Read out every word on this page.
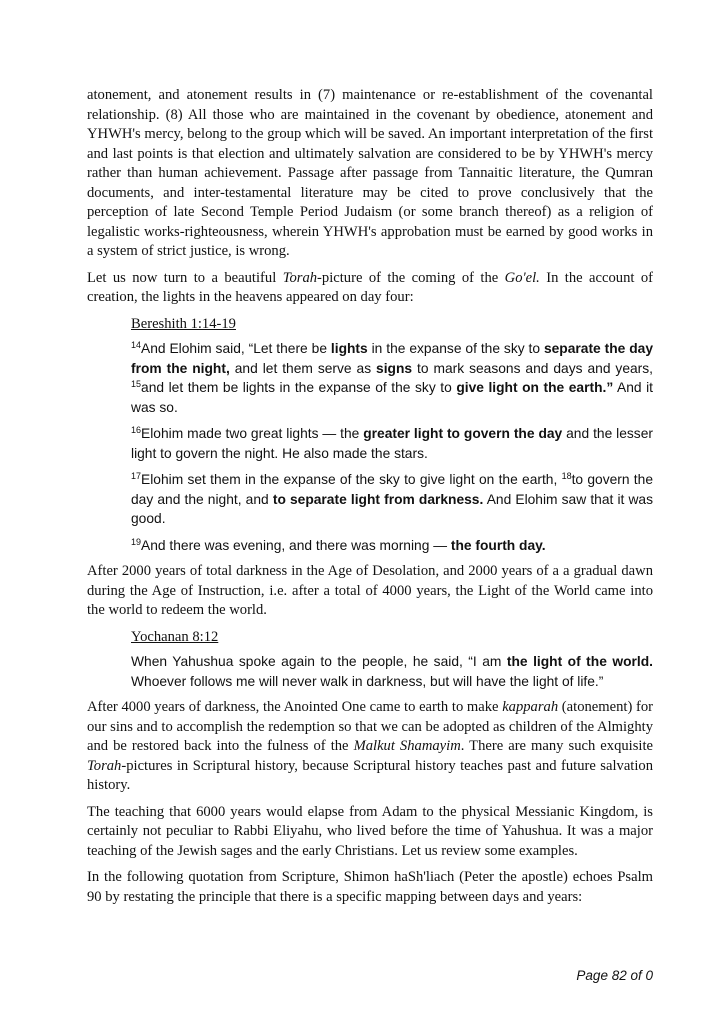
atonement, and atonement results in (7) maintenance or re-establishment of the covenantal relationship. (8) All those who are maintained in the covenant by obedience, atonement and YHWH's mercy, belong to the group which will be saved. An important interpretation of the first and last points is that election and ultimately salvation are considered to be by YHWH's mercy rather than human achievement. Passage after passage from Tannaitic literature, the Qumran documents, and inter-testamental literature may be cited to prove conclusively that the perception of late Second Temple Period Judaism (or some branch thereof) as a religion of legalistic works-righteousness, wherein YHWH's approbation must be earned by good works in a system of strict justice, is wrong.

Let us now turn to a beautiful Torah-picture of the coming of the Go'el. In the account of creation, the lights in the heavens appeared on day four:

Bereshith 1:14-19
$^{14}$And Elohim said, “Let there be lights in the expanse of the sky to separate the day from the night, and let them serve as signs to mark seasons and days and years, $^{15}$and let them be lights in the expanse of the sky to give light on the earth.” And it was so.
$^{16}$Elohim made two great lights — the greater light to govern the day and the lesser light to govern the night. He also made the stars.
$^{17}$Elohim set them in the expanse of the sky to give light on the earth, $^{18}$to govern the day and the night, and to separate light from darkness. And Elohim saw that it was good.
$^{19}$And there was evening, and there was morning — the fourth day.

After 2000 years of total darkness in the Age of Desolation, and 2000 years of a a gradual dawn during the Age of Instruction, i.e. after a total of 4000 years, the Light of the World came into the world to redeem the world.

Yochanan 8:12
When Yahushua spoke again to the people, he said, “I am the light of the world. Whoever follows me will never walk in darkness, but will have the light of life.”

After 4000 years of darkness, the Anointed One came to earth to make kapparah (atonement) for our sins and to accomplish the redemption so that we can be adopted as children of the Almighty and be restored back into the fulness of the Malkut Shamayim. There are many such exquisite Torah-pictures in Scriptural history, because Scriptural history teaches past and future salvation history.

The teaching that 6000 years would elapse from Adam to the physical Messianic Kingdom, is certainly not peculiar to Rabbi Eliyahu, who lived before the time of Yahushua. It was a major teaching of the Jewish sages and the early Christians. Let us review some examples.

In the following quotation from Scripture, Shimon haSh'liach (Peter the apostle) echoes Psalm 90 by restating the principle that there is a specific mapping between days and years:

Page 82 of 0
